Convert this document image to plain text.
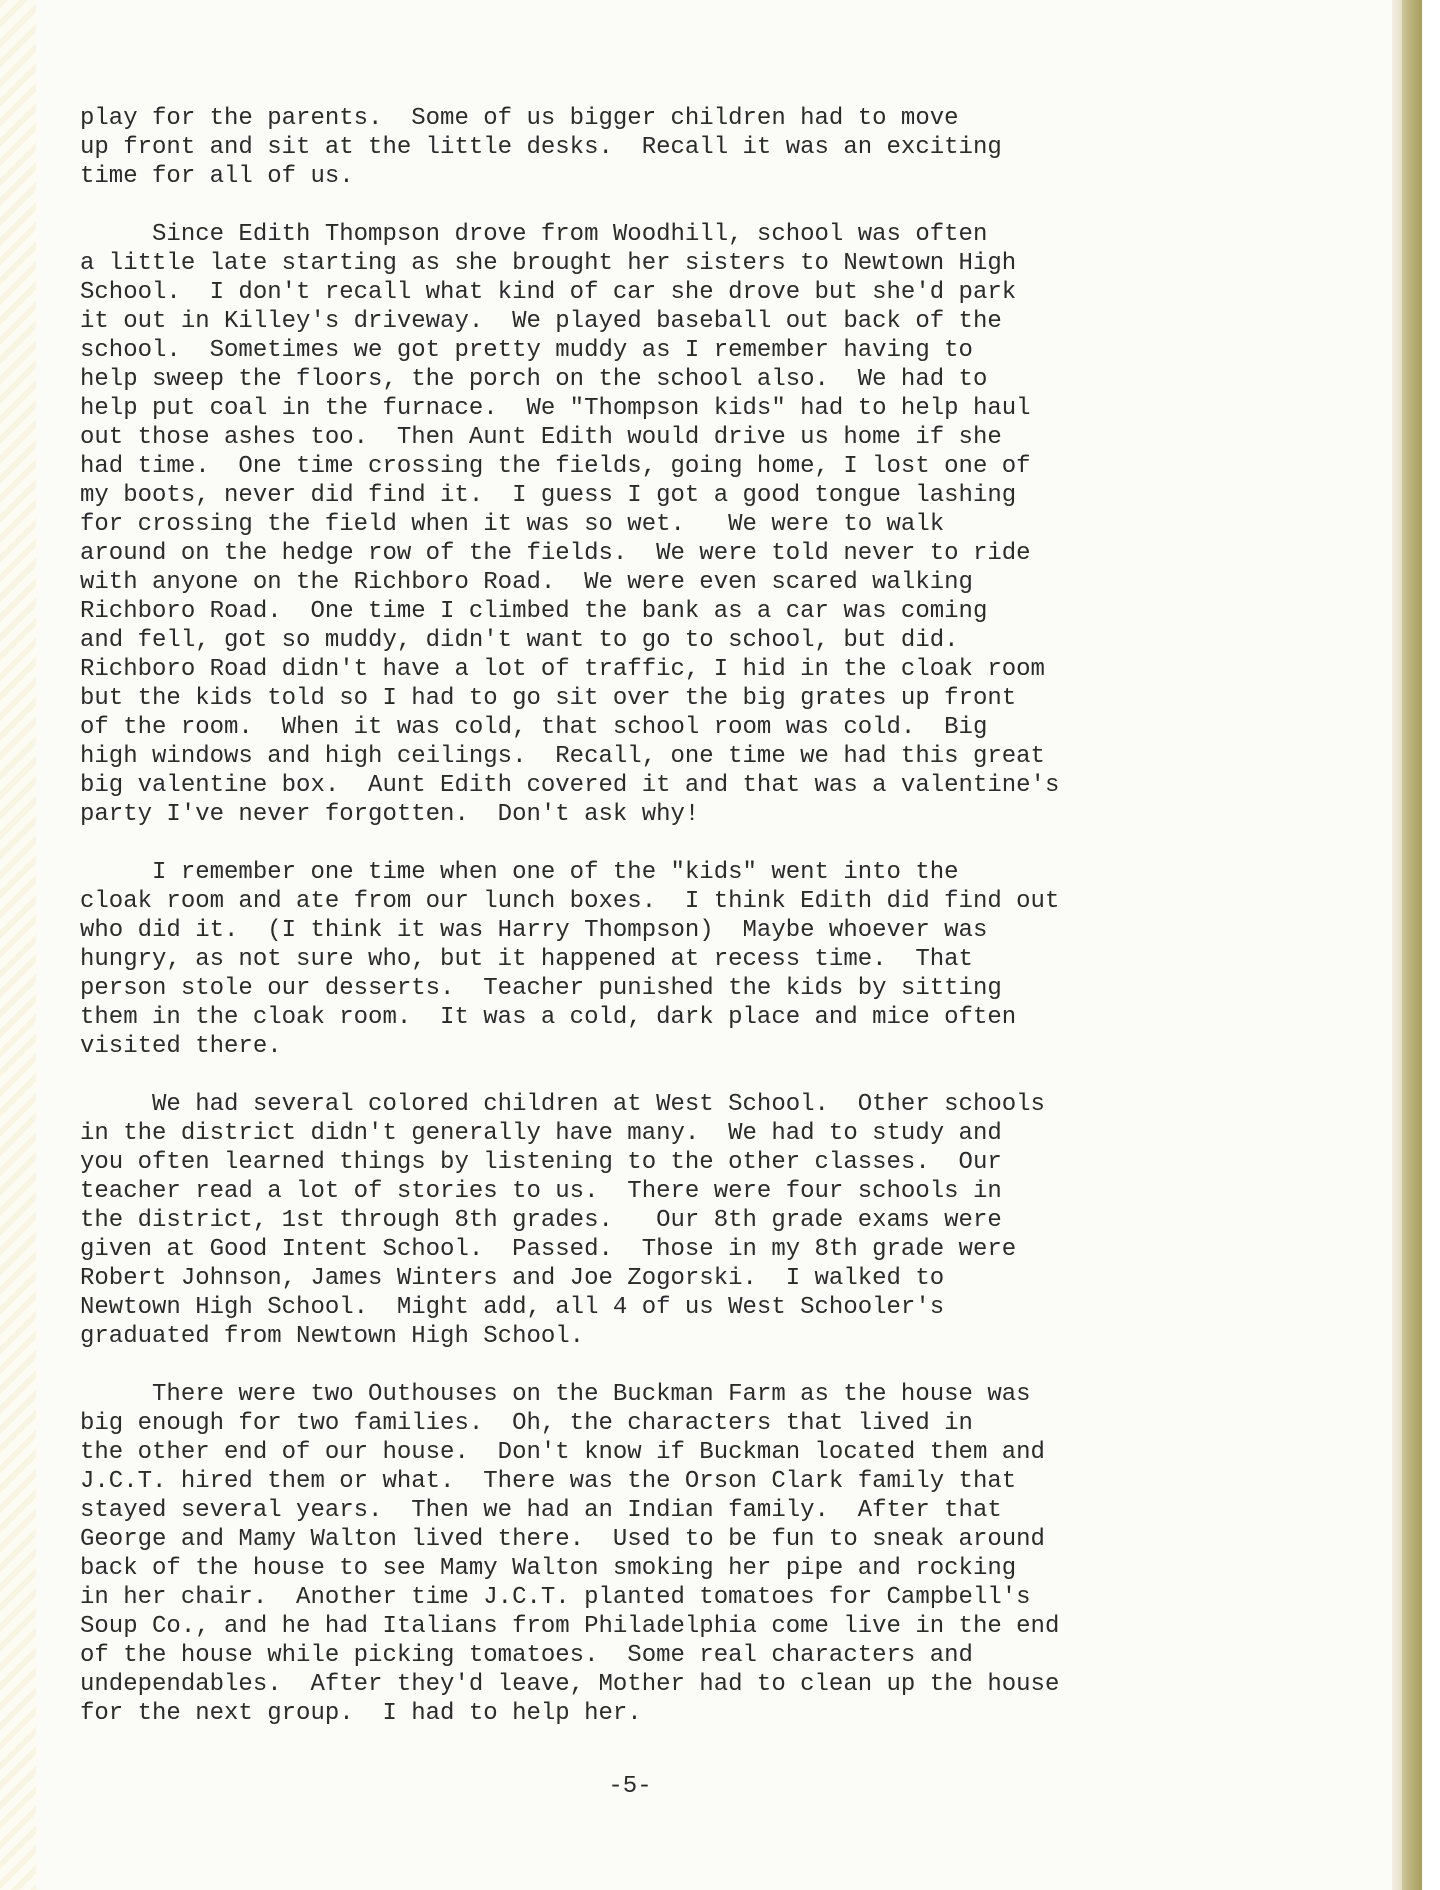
play for the parents.  Some of us bigger children had to move
up front and sit at the little desks.  Recall it was an exciting
time for all of us.
Since Edith Thompson drove from Woodhill, school was often
a little late starting as she brought her sisters to Newtown High
School.  I don't recall what kind of car she drove but she'd park
it out in Killey's driveway.  We played baseball out back of the
school.  Sometimes we got pretty muddy as I remember having to
help sweep the floors, the porch on the school also.  We had to
help put coal in the furnace.  We "Thompson kids" had to help haul
out those ashes too.  Then Aunt Edith would drive us home if she
had time.  One time crossing the fields, going home, I lost one of
my boots, never did find it.  I guess I got a good tongue lashing
for crossing the field when it was so wet.   We were to walk
around on the hedge row of the fields.  We were told never to ride
with anyone on the Richboro Road.  We were even scared walking
Richboro Road.  One time I climbed the bank as a car was coming
and fell, got so muddy, didn't want to go to school, but did.
Richboro Road didn't have a lot of traffic, I hid in the cloak room
but the kids told so I had to go sit over the big grates up front
of the room.  When it was cold, that school room was cold.  Big
high windows and high ceilings.  Recall, one time we had this great
big valentine box.  Aunt Edith covered it and that was a valentine's
party I've never forgotten.  Don't ask why!
I remember one time when one of the "kids" went into the
cloak room and ate from our lunch boxes.  I think Edith did find out
who did it.  (I think it was Harry Thompson)  Maybe whoever was
hungry, as not sure who, but it happened at recess time.  That
person stole our desserts.  Teacher punished the kids by sitting
them in the cloak room.  It was a cold, dark place and mice often
visited there.
We had several colored children at West School.  Other schools
in the district didn't generally have many.  We had to study and
you often learned things by listening to the other classes.  Our
teacher read a lot of stories to us.  There were four schools in
the district, 1st through 8th grades.   Our 8th grade exams were
given at Good Intent School.  Passed.  Those in my 8th grade were
Robert Johnson, James Winters and Joe Zogorski.  I walked to
Newtown High School.  Might add, all 4 of us West Schooler's
graduated from Newtown High School.
There were two Outhouses on the Buckman Farm as the house was
big enough for two families.  Oh, the characters that lived in
the other end of our house.  Don't know if Buckman located them and
J.C.T. hired them or what.  There was the Orson Clark family that
stayed several years.  Then we had an Indian family.  After that
George and Mamy Walton lived there.  Used to be fun to sneak around
back of the house to see Mamy Walton smoking her pipe and rocking
in her chair.  Another time J.C.T. planted tomatoes for Campbell's
Soup Co., and he had Italians from Philadelphia come live in the end
of the house while picking tomatoes.  Some real characters and
undependables.  After they'd leave, Mother had to clean up the house
for the next group.  I had to help her.
-5-
